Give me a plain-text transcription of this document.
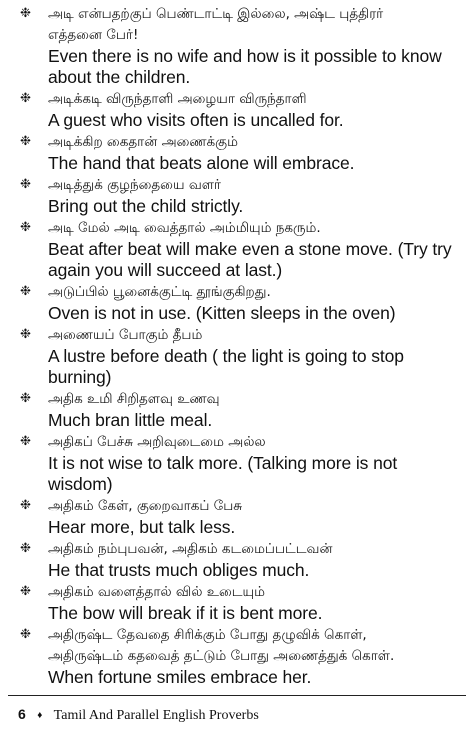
❉ அடி என்பதற்குப் பெண்டாட்டி இல்லை, அஷ்ட புத்திரர்
எத்தனை பேர்!
Even there is no wife and how is it possible to know about the children.
❉ அடிக்கடி விருந்தாளி அழையா விருந்தாளி
A guest who visits often is uncalled for.
❉ அடிக்கிற கைதான் அணைக்கும்
The hand that beats alone will embrace.
❉ அடித்துக் குழந்தையை வளர்
Bring out the child strictly.
❉ அடி மேல் அடி வைத்தால் அம்மியும் நகரும்.
Beat after beat will make even a stone move. (Try try again you will succeed at last.)
❉ அடுப்பில் பூனைக்குட்டி தூங்குகிறது.
Oven is not in use. (Kitten sleeps in the oven)
❉ அணையப் போகும் தீபம்
A lustre before death ( the light is going to stop burning)
❉ அதிக உமி சிறிதளவு உணவு
Much bran little meal.
❉ அதிகப் பேச்சு அறிவுடைமை அல்ல
It is not wise to talk more. (Talking more is not wisdom)
❉ அதிகம் கேள், குறைவாகப் பேசு
Hear more, but talk less.
❉ அதிகம் நம்புபவன், அதிகம் கடமைப்பட்டவன்
He that trusts much obliges much.
❉ அதிகம் வளைத்தால் வில் உடையும்
The bow will break if it is bent more.
❉ அதிருஷ்ட தேவதை சிரிக்கும் போது தழுவிக் கொள்,
அதிருஷ்டம் கதவைத் தட்டும் போது அணைத்துக் கொள்.
When fortune smiles embrace her.
6 ♦ Tamil And Parallel English Proverbs
